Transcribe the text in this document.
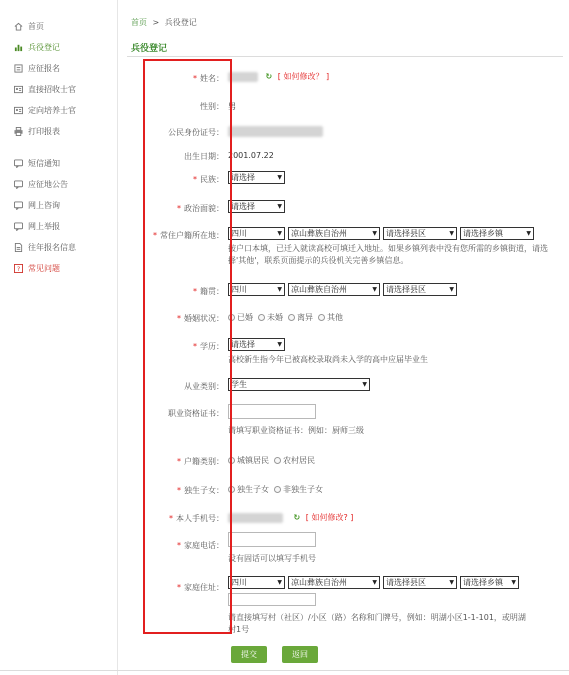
首页
兵役登记
应征报名
直接招收士官
定向培养士官
打印报表
短信通知
应征地公告
网上咨询
网上举报
往年报名信息
? 常见问题
首页 > 兵役登记
兵役登记
* 姓名：	↻ [ 如何修改？ ]
性别： 男
公民身份证号：
出生日期： 2001.07.22
* 民族： 请选择 ▼
* 政治面貌： 请选择 ▼
* 常住户籍所在地： 四川 ▼	凉山彝族自治州 ▼	请选择县区 ▼	请选择乡镇 ▼
按户口本填，已迁入就读高校可填迁入地址。如果乡镇列表中没有您所需的乡镇街道，请选择'其他'，联系页面提示的兵役机关完善乡镇信息。
* 籍贯： 四川 ▼	凉山彝族自治州 ▼	请选择县区 ▼
* 婚姻状况： 已婚 未婚 离异 其他
* 学历： 请选择 ▼
高校新生指今年已被高校录取尚未入学的高中应届毕业生
从业类别： 学生 ▼
职业资格证书：
请填写职业资格证书：例如：厨师三级
* 户籍类别： 城镇居民 农村居民
* 独生子女： 独生子女 非独生子女
* 本人手机号：	↻ [ 如何修改? ]
* 家庭电话：
没有固话可以填写手机号
* 家庭住址：
四川 ▼	凉山彝族自治州 ▼	请选择县区 ▼	请选择乡镇 ▼
请直接填写村（社区）/小区（路）名称和门牌号，例如：明湖小区1-1-101，或明湖
村1号
提交	返回
